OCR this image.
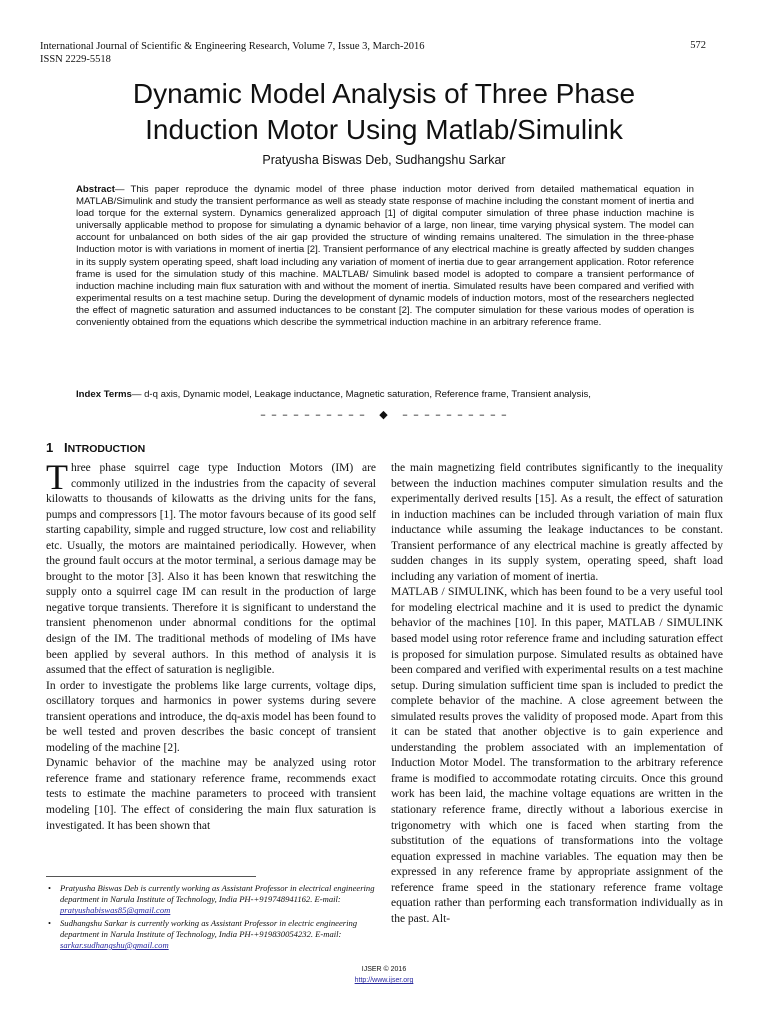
International Journal of Scientific & Engineering Research, Volume 7, Issue 3, March-2016
ISSN 2229-5518
572
Dynamic Model Analysis of Three Phase
Induction Motor Using Matlab/Simulink
Pratyusha Biswas Deb, Sudhangshu Sarkar

Abstract— This paper reproduce the dynamic model of three phase induction motor derived from detailed mathematical equation in MATLAB/Simulink and study the transient performance as well as steady state response of machine including the constant moment of inertia and load torque for the external system. Dynamics generalized approach [1] of digital computer simulation of three phase induction machine is universally applicable method to propose for simulating a dynamic behavior of a large, non linear, time varying physical system. The model can account for unbalanced on both sides of the air gap provided the structure of winding remains unaltered. The simulation in the three-phase Induction motor is with variations in moment of inertia [2]. Transient performance of any electrical machine is greatly affected by sudden changes in its supply system operating speed, shaft load including any variation of moment of inertia due to gear arrangement application. Rotor reference frame is used for the simulation study of this machine. MALTLAB/ Simulink based model is adopted to compare a transient performance of induction machine including main flux saturation with and without the moment of inertia. Simulated results have been compared and verified with experimental results on a test machine setup. During the development of dynamic models of induction motors, most of the researchers neglected the effect of magnetic saturation and assumed inductances to be constant [2]. The computer simulation for these various modes of operation is conveniently obtained from the equations which describe the symmetrical induction machine in an arbitrary reference frame.

Index Terms— d-q axis, Dynamic model, Leakage inductance, Magnetic saturation, Reference frame, Transient analysis,

– – – – – – – – – –   ◆   – – – – – – – – – –
1 INTRODUCTION

Three phase squirrel cage type Induction Motors (IM) are commonly utilized in the industries from the capacity of several kilowatts to thousands of kilowatts as the driving units for the fans, pumps and compressors [1]. The motor favours because of its good self starting capability, simple and rugged structure, low cost and reliability etc. Usually, the motors are maintained periodically. However, when the ground fault occurs at the motor terminal, a serious damage may be brought to the motor [3]. Also it has been known that reswitching the supply onto a squirrel cage IM can result in the production of large negative torque transients. Therefore it is significant to understand the transient phenomenon under abnormal conditions for the optimal design of the IM. The traditional methods of modeling of IMs have been applied by several authors. In this method of analysis it is assumed that the effect of saturation is negligible.

In order to investigate the problems like large currents, voltage dips, oscillatory torques and harmonics in power systems during severe transient operations and introduce, the dq-axis model has been found to be well tested and proven describes the basic concept of transient modeling of the machine [2].

Dynamic behavior of the machine may be analyzed using rotor reference frame and stationary reference frame, recommends exact tests to estimate the machine parameters to proceed with transient modeling [10]. The effect of considering the main flux saturation is investigated. It has been shown that

the main magnetizing field contributes significantly to the inequality between the induction machines computer simulation results and the experimentally derived results [15]. As a result, the effect of saturation in induction machines can be included through variation of main flux inductance while assuming the leakage inductances to be constant. Transient performance of any electrical machine is greatly affected by sudden changes in its supply system, operating speed, shaft load including any variation of moment of inertia.

MATLAB / SIMULINK, which has been found to be a very useful tool for modeling electrical machine and it is used to predict the dynamic behavior of the machines [10]. In this paper, MATLAB / SIMULINK based model using rotor reference frame and including saturation effect is proposed for simulation purpose. Simulated results as obtained have been compared and verified with experimental results on a test machine setup. During simulation sufficient time span is included to predict the complete behavior of the machine. A close agreement between the simulated results proves the validity of proposed mode. Apart from this it can be stated that another objective is to gain experience and understanding the problem associated with an implementation of Induction Motor Model. The transformation to the arbitrary reference frame is modified to accommodate rotating circuits. Once this ground work has been laid, the machine voltage equations are written in the stationary reference frame, directly without a laborious exercise in trigonometry with which one is faced when starting from the substitution of the equations of transformations into the voltage equation expressed in machine variables. The equation may then be expressed in any reference frame by appropriate assignment of the reference frame speed in the stationary reference frame voltage equation rather than performing each transformation individually as in the past. Alt-

• Pratyusha Biswas Deb is currently working as Assistant Professor in electrical engineering department in Narula Institute of Technology, India PH-+919748941162. E-mail: pratyushabiswas85@gmail.com
• Sudhangshu Sarkar is currently working as Assistant Professor in electric engineering department in Narula Institute of Technology, India PH-+919830054232. E-mail: sarkar.sudhangshu@gmail.com
IJSER © 2016
http://www.ijser.org
